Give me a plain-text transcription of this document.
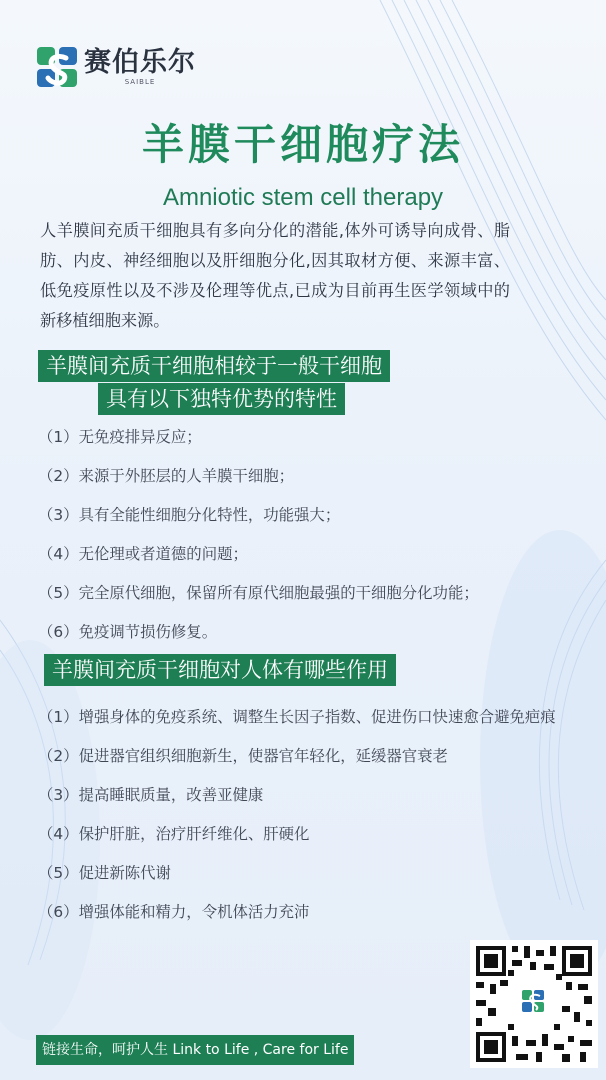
赛伯乐尔
SAIBLE
羊膜干细胞疗法
Amniotic stem cell therapy
人羊膜间充质干细胞具有多向分化的潜能,体外可诱导向成骨、脂肪、内皮、神经细胞以及肝细胞分化,因其取材方便、来源丰富、低免疫原性以及不涉及伦理等优点,已成为目前再生医学领域中的新移植细胞来源。
羊膜间充质干细胞相较于一般干细胞
具有以下独特优势的特性
（1）无免疫排异反应；
（2）来源于外胚层的人羊膜干细胞；
（3）具有全能性细胞分化特性，功能强大；
（4）无伦理或者道德的问题；
（5）完全原代细胞，保留所有原代细胞最强的干细胞分化功能；
（6）免疫调节损伤修复。
羊膜间充质干细胞对人体有哪些作用
（1）增强身体的免疫系统、调整生长因子指数、促进伤口快速愈合避免疤痕
（2）促进器官组织细胞新生，使器官年轻化，延缓器官衰老
（3）提高睡眠质量，改善亚健康
（4）保护肝脏，治疗肝纤维化、肝硬化
（5）促进新陈代谢
（6）增强体能和精力，令机体活力充沛
链接生命，呵护人生 Link to Life , Care for Life
